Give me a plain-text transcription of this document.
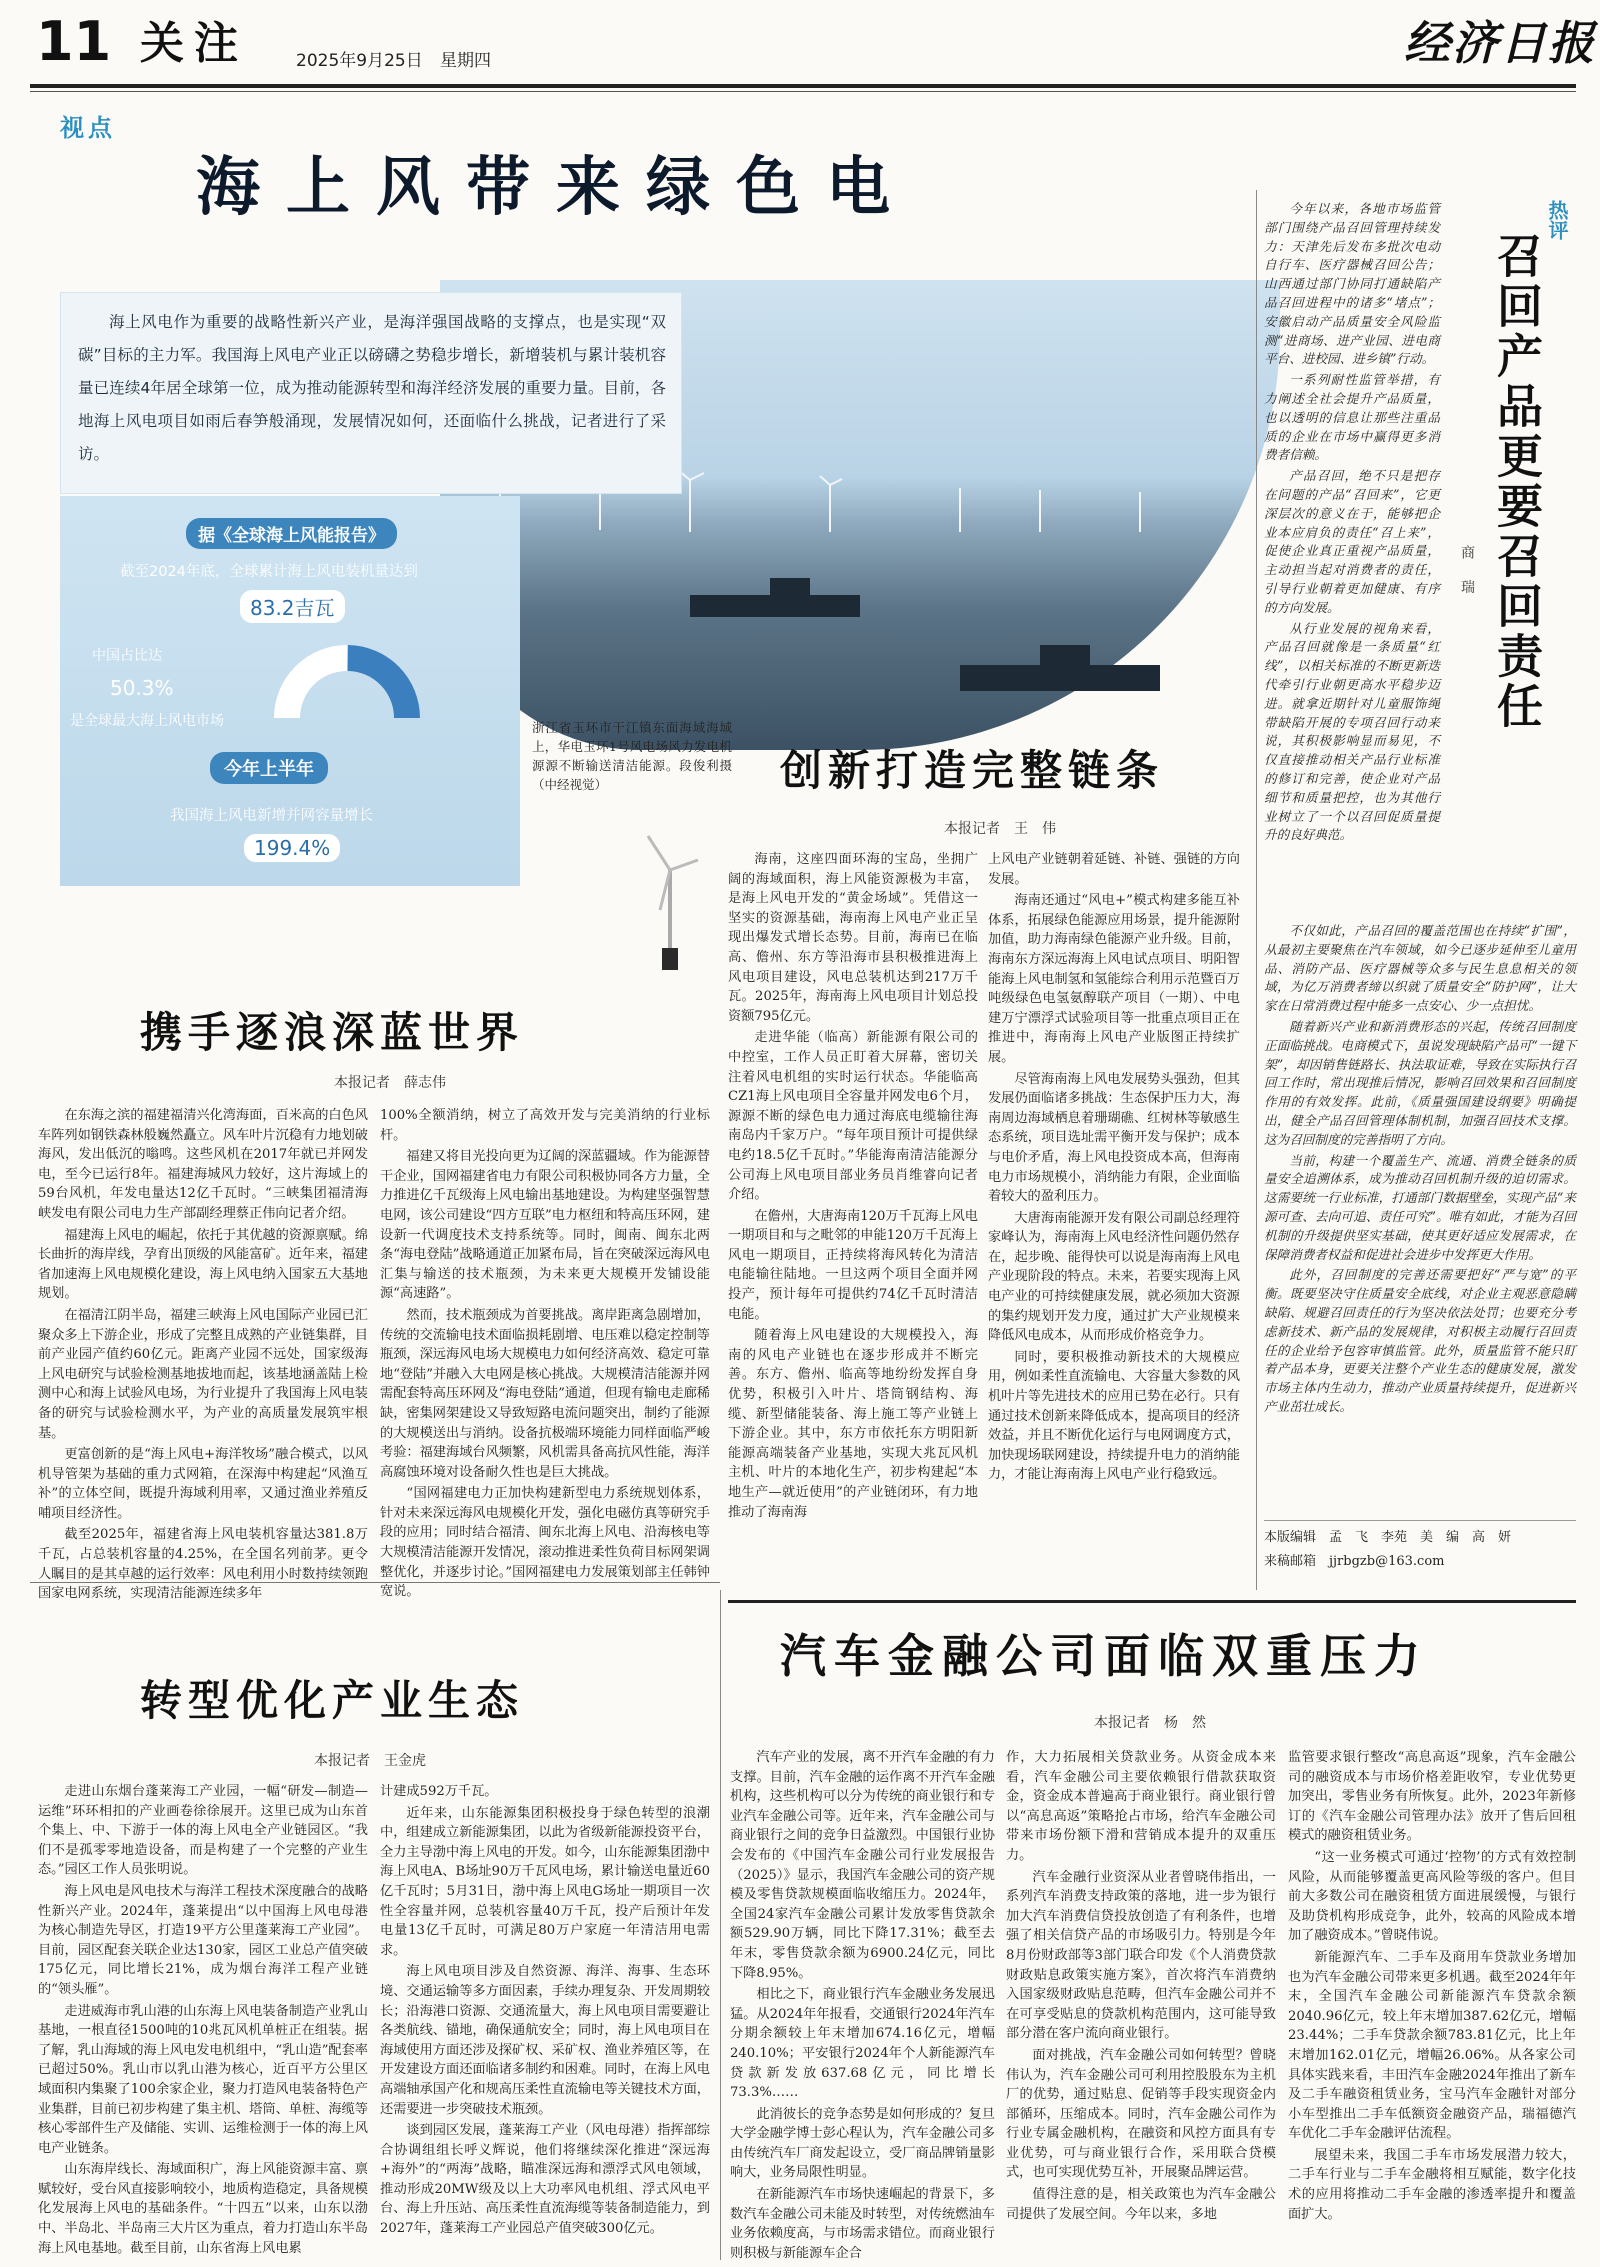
11 关注	2025年9月25日 星期四	经济日报
视点
海上风带来绿色电
海上风电作为重要的战略性新兴产业，是海洋强国战略的支撑点，也是实现“双碳”目标的主力军。我国海上风电产业正以磅礴之势稳步增长，新增装机与累计装机容量已连续4年居全球第一位，成为推动能源转型和海洋经济发展的重要力量。目前，各地海上风电项目如雨后春笋般涌现，发展情况如何，还面临什么挑战，记者进行了采访。
据《全球海上风能报告》
截至2024年底，全球累计海上风电装机量达到
83.2吉瓦
中国占比达
50.3%
是全球最大海上风电市场
今年上半年
我国海上风电新增并网容量增长
199.4%
浙江省玉环市干江镇东面海域海域上，华电玉环1号风电场风力发电机源源不断输送清洁能源。段俊利摄（中经视觉）
携手逐浪深蓝世界
本报记者　薛志伟

在东海之滨的福建福清兴化湾海面，百米高的白色风车阵列如钢铁森林般巍然矗立。风车叶片沉稳有力地划破海风，发出低沉的嗡鸣。这些风机在2017年就已并网发电，至今已运行8年。福建海城风力较好，这片海域上的59台风机，年发电量达12亿千瓦时。“三峡集团福清海峡发电有限公司电力生产部副经理蔡正伟向记者介绍。

福建海上风电的崛起，依托于其优越的资源禀赋。绵长曲折的海岸线，孕育出顶级的风能富矿。近年来，福建省加速海上风电规模化建设，海上风电纳入国家五大基地规划。

在福清江阴半岛，福建三峡海上风电国际产业园已汇聚众多上下游企业，形成了完整且成熟的产业链集群，目前产业园产值约60亿元。距离产业园不远处，国家级海上风电研究与试验检测基地拔地而起，该基地涵盖陆上检测中心和海上试验风电场，为行业提升了我国海上风电装备的研究与试验检测水平，为产业的高质量发展筑牢根基。

更富创新的是“海上风电+海洋牧场”融合模式，以风机导管架为基础的重力式网箱，在深海中构建起“风渔互补”的立体空间，既提升海域利用率，又通过渔业养殖反哺项目经济性。

截至2025年，福建省海上风电装机容量达381.8万千瓦，占总装机容量的4.25%，在全国名列前茅。更令人瞩目的是其卓越的运行效率：风电利用小时数持续领跑国家电网系统，实现清洁能源连续多年

100%全额消纳，树立了高效开发与完美消纳的行业标杆。

福建又将目光投向更为辽阔的深蓝疆域。作为能源替干企业，国网福建省电力有限公司积极协同各方力量，全力推进亿千瓦级海上风电输出基地建设。为构建坚强智慧电网，该公司建设“四方互联”电力枢纽和特高压环网，建设新一代调度技术支持系统等。同时，闽南、闽东北两条“海电登陆”战略通道正加紧布局，旨在突破深远海风电汇集与输送的技术瓶颈，为未来更大规模开发铺设能源“高速路”。

然而，技术瓶颈成为首要挑战。离岸距离急剧增加，传统的交流输电技术面临损耗剧增、电压难以稳定控制等瓶颈，深远海风电场大规模电力如何经济高效、稳定可靠地“登陆”并融入大电网是核心挑战。大规模清洁能源并网需配套特高压环网及“海电登陆”通道，但现有输电走廊稀缺，密集网架建设又导致短路电流问题突出，制约了能源的大规模送出与消纳。设备抗极端环境能力同样面临严峻考验：福建海域台风频繁，风机需具备高抗风性能，海洋高腐蚀环境对设备耐久性也是巨大挑战。

“国网福建电力正加快构建新型电力系统规划体系，针对未来深远海风电规模化开发，强化电磁仿真等研究手段的应用；同时结合福清、闽东北海上风电、沿海核电等大规模清洁能源开发情况，滚动推进柔性负荷目标网架调整优化，并逐步讨论。”国网福建电力发展策划部主任韩钟宽说。

创新打造完整链条
本报记者　王　伟

海南，这座四面环海的宝岛，坐拥广阔的海域面积，海上风能资源极为丰富，是海上风电开发的“黄金场域”。凭借这一坚实的资源基础，海南海上风电产业正呈现出爆发式增长态势。目前，海南已在临高、儋州、东方等沿海市县积极推进海上风电项目建设，风电总装机达到217万千瓦。2025年，海南海上风电项目计划总投资额795亿元。

走进华能（临高）新能源有限公司的中控室，工作人员正盯着大屏幕，密切关注着风电机组的实时运行状态。华能临高CZ1海上风电项目全容量并网发电6个月，源源不断的绿色电力通过海底电缆输往海南岛内千家万户。“每年项目预计可提供绿电约18.5亿千瓦时。”华能海南清洁能源分公司海上风电项目部业务员肖维睿向记者介绍。

在儋州，大唐海南120万千瓦海上风电一期项目和与之毗邻的申能120万千瓦海上风电一期项目，正持续将海风转化为清洁电能输往陆地。一旦这两个项目全面并网投产，预计每年可提供约74亿千瓦时清洁电能。

随着海上风电建设的大规模投入，海南的风电产业链也在逐步形成并不断完善。东方、儋州、临高等地纷纷发挥自身优势，积极引入叶片、塔筒钢结构、海缆、新型储能装备、海上施工等产业链上下游企业。其中，东方市依托东方明阳新能源高端装备产业基地，实现大兆瓦风机主机、叶片的本地化生产，初步构建起“本地生产—就近使用”的产业链闭环，有力地推动了海南海

上风电产业链朝着延链、补链、强链的方向发展。

海南还通过“风电+”模式构建多能互补体系，拓展绿色能源应用场景，提升能源附加值，助力海南绿色能源产业升级。目前，海南东方深远海海上风电试点项目、明阳智能海上风电制氢和氢能综合利用示范暨百万吨级绿色电氢氨醇联产项目（一期）、中电建万宁漂浮式试验项目等一批重点项目正在推进中，海南海上风电产业版图正持续扩展。

尽管海南海上风电发展势头强劲，但其发展仍面临诸多挑战：生态保护压力大，海南周边海域栖息着珊瑚礁、红树林等敏感生态系统，项目选址需平衡开发与保护；成本与电价矛盾，海上风电投资成本高，但海南电力市场规模小，消纳能力有限，企业面临着较大的盈利压力。

大唐海南能源开发有限公司副总经理符家峰认为，海南海上风电经济性问题仍然存在，起步晚、能得快可以说是海南海上风电产业现阶段的特点。未来，若要实现海上风电产业的可持续健康发展，就必须加大资源的集约规划开发力度，通过扩大产业规模来降低风电成本，从而形成价格竞争力。

同时，要积极推动新技术的大规模应用，例如柔性直流输电、大容量大参数的风机叶片等先进技术的应用已势在必行。只有通过技术创新来降低成本，提高项目的经济效益，并且不断优化运行与电网调度方式，加快现场联网建设，持续提升电力的消纳能力，才能让海南海上风电产业行稳致远。

热评
召回产品更要召回责任
商 瑞

今年以来，各地市场监管部门围绕产品召回管理持续发力：天津先后发布多批次电动自行车、医疗器械召回公告；山西通过部门协同打通缺陷产品召回进程中的诸多“堵点”；安徽启动产品质量安全风险监测“进商场、进产业园、进电商平台、进校园、进乡镇”行动。

一系列耐性监管举措，有力阐述全社会提升产品质量，也以透明的信息让那些注重品质的企业在市场中赢得更多消费者信赖。

产品召回，绝不只是把存在问题的产品“召回来”，它更深层次的意义在于，能够把企业本应肩负的责任“召上来”，促使企业真正重视产品质量，主动担当起对消费者的责任，引导行业朝着更加健康、有序的方向发展。

从行业发展的视角来看，产品召回就像是一条质量“红线”，以相关标准的不断更新迭代牵引行业朝更高水平稳步迈进。就拿近期针对儿童服饰绳带缺陷开展的专项召回行动来说，其积极影响显而易见，不仅直接推动相关产品行业标准的修订和完善，使企业对产品细节和质量把控，也为其他行业树立了一个以召回促质量提升的良好典范。

不仅如此，产品召回的覆盖范围也在持续“扩围”，从最初主要聚焦在汽车领域，如今已逐步延伸至儿童用品、消防产品、医疗器械等众多与民生息息相关的领域，为亿万消费者缔以织就了质量安全“防护网”，让大家在日常消费过程中能多一点安心、少一点担忧。

随着新兴产业和新消费形态的兴起，传统召回制度正面临挑战。电商模式下，虽说发现缺陷产品可“一键下架”，却因销售链路长、执法取证难，导致在实际执行召回工作时，常出现推后情况，影响召回效果和召回制度作用的有效发挥。此前，《质量强国建设纲要》明确提出，健全产品召回管理体制机制，加强召回技术支撑。这为召回制度的完善指明了方向。

当前，构建一个覆盖生产、流通、消费全链条的质量安全追溯体系，成为推动召回机制升级的迫切需求。这需要统一行业标准，打通部门数据壁垒，实现产品“来源可查、去向可追、责任可究”。唯有如此，才能为召回机制的升级提供坚实基础，使其更好适应发展需求，在保障消费者权益和促进社会进步中发挥更大作用。

此外，召回制度的完善还需要把好“严与宽”的平衡。既要坚决守住质量安全底线，对企业主观恶意隐瞒缺陷、规避召回责任的行为坚决依法处罚；也要充分考虑新技术、新产品的发展规律，对积极主动履行召回责任的企业给予包容审慎监管。此外，质量监管不能只盯着产品本身，更要关注整个产业生态的健康发展，激发市场主体内生动力，推动产业质量持续提升，促进新兴产业茁壮成长。

本版编辑　孟　飞　李苑　美　编　高　妍
来稿邮箱　jjrbgzb@163.com
转型优化产业生态
本报记者　王金虎

走进山东烟台蓬莱海工产业园，一幅“研发—制造—运维”环环相扣的产业画卷徐徐展开。这里已成为山东首个集上、中、下游于一体的海上风电全产业链园区。“我们不是孤零零地造设备，而是构建了一个完整的产业生态。”园区工作人员张明说。

海上风电是风电技术与海洋工程技术深度融合的战略性新兴产业。2024年，蓬莱提出“以中国海上风电母港为核心制造先导区，打造19平方公里蓬莱海工产业园”。目前，园区配套关联企业达130家，园区工业总产值突破175亿元，同比增长21%，成为烟台海洋工程产业链的“领头雁”。

走进威海市乳山港的山东海上风电装备制造产业乳山基地，一根直径1500吨的10兆瓦风机单桩正在组装。据了解，乳山海域的海上风电发电机组中，“乳山造”配套率已超过50%。乳山市以乳山港为核心，近百平方公里区域面积内集聚了100余家企业，聚力打造风电装备特色产业集群，目前已初步构建了集主机、塔筒、单桩、海缆等核心零部件生产及储能、实训、运维检测于一体的海上风电产业链条。

山东海岸线长、海域面积广，海上风能资源丰富、禀赋较好，受台风直接影响较小，地质构造稳定，具备规模化发展海上风电的基础条件。“十四五”以来，山东以渤中、半岛北、半岛南三大片区为重点，着力打造山东半岛海上风电基地。截至目前，山东省海上风电累

计建成592万千瓦。

近年来，山东能源集团积极投身于绿色转型的浪潮中，组建成立新能源集团，以此为省级新能源投资平台，全力主导渤中海上风电的开发。如今，山东能源集团渤中海上风电A、B场址90万千瓦风电场，累计输送电量近60亿千瓦时；5月31日，渤中海上风电G场址一期项目一次性全容量并网，总装机容量40万千瓦，投产后预计年发电量13亿千瓦时，可满足80万户家庭一年清洁用电需求。

海上风电项目涉及自然资源、海洋、海事、生态环境、交通运输等多方面因素，手续办理复杂、开发周期较长；沿海港口资源、交通流量大，海上风电项目需要避让各类航线、锚地，确保通航安全；同时，海上风电项目在海域使用方面还涉及探矿权、采矿权、渔业养殖区等，在开发建设方面还面临诸多制约和困难。同时，在海上风电高端轴承国产化和规高压柔性直流输电等关键技术方面，还需要进一步突破技术瓶颈。

谈到园区发展，蓬莱海工产业（风电母港）指挥部综合协调组组长呼义辉说，他们将继续深化推进“深远海+海外”的“两海”战略，瞄准深远海和漂浮式风电领域，推动形成20MW级及以上大功率风电机组、浮式风电平台、海上升压站、高压柔性直流海缆等装备制造能力，到2027年，蓬莱海工产业园总产值突破300亿元。

汽车金融公司面临双重压力
本报记者　杨　然

汽车产业的发展，离不开汽车金融的有力支撑。目前，汽车金融的运作离不开汽车金融机构，这些机构可以分为传统的商业银行和专业汽车金融公司等。近年来，汽车金融公司与商业银行之间的竞争日益激烈。中国银行业协会发布的《中国汽车金融公司行业发展报告（2025）》显示，我国汽车金融公司的资产规模及零售贷款规模面临收缩压力。2024年，全国24家汽车金融公司累计发放零售贷款余额529.90万辆，同比下降17.31%；截至去年末，零售贷款余额为6900.24亿元，同比下降8.95%。

相比之下，商业银行汽车金融业务发展迅猛。从2024年年报看，交通银行2024年汽车分期余额较上年末增加674.16亿元，增幅240.10%；平安银行2024年个人新能源汽车贷款新发放637.68亿元，同比增长73.3%……

此消彼长的竞争态势是如何形成的？复旦大学金融学博士彭心程认为，汽车金融公司多由传统汽车厂商发起设立，受厂商品牌销量影响大，业务局限性明显。

在新能源汽车市场快速崛起的背景下，多数汽车金融公司未能及时转型，对传统燃油车业务依赖度高，与市场需求错位。而商业银行则积极与新能源车企合

作，大力拓展相关贷款业务。从资金成本来看，汽车金融公司主要依赖银行借款获取资金，资金成本普遍高于商业银行。商业银行曾以“高息高返”策略抢占市场，给汽车金融公司带来市场份额下滑和营销成本提升的双重压力。

汽车金融行业资深从业者曾晓伟指出，一系列汽车消费支持政策的落地，进一步为银行加大汽车消费信贷投放创造了有利条件，也增强了相关信贷产品的市场吸引力。特别是今年8月份财政部等3部门联合印发《个人消费贷款财政贴息政策实施方案》，首次将汽车消费纳入国家级财政贴息范畴，但汽车金融公司并不在可享受贴息的贷款机构范围内，这可能导致部分潜在客户流向商业银行。

面对挑战，汽车金融公司如何转型？曾晓伟认为，汽车金融公司可利用控股股东为主机厂的优势，通过贴息、促销等手段实现资金内部循环，压缩成本。同时，汽车金融公司作为行业专属金融机构，在融资和风控方面具有专业优势，可与商业银行合作，采用联合贷模式，也可实现优势互补，开展聚品牌运营。

值得注意的是，相关政策也为汽车金融公司提供了发展空间。今年以来，多地

监管要求银行整改“高息高返”现象，汽车金融公司的融资成本与市场价格差距收窄，专业优势更加突出，零售业务有所恢复。此外，2023年新修订的《汽车金融公司管理办法》放开了售后回租模式的融资租赁业务。

“这一业务模式可通过‘控物’的方式有效控制风险，从而能够覆盖更高风险等级的客户。但目前大多数公司在融资租赁方面进展缓慢，与银行及助贷机构形成竞争，此外，较高的风险成本增加了融资成本。”曾晓伟说。

新能源汽车、二手车及商用车贷款业务增加也为汽车金融公司带来更多机遇。截至2024年年末，全国汽车金融公司新能源汽车贷款余额2040.96亿元，较上年末增加387.62亿元，增幅23.44%；二手车贷款余额783.81亿元，比上年末增加162.01亿元，增幅26.06%。从各家公司具体实践来看，丰田汽车金融2024年推出了新车及二手车融资租赁业务，宝马汽车金融针对部分小车型推出二手车低额资金融资产品，瑞福德汽车优化二手车金融评估流程。

展望未来，我国二手车市场发展潜力较大，二手车行业与二手车金融将相互赋能，数字化技术的应用将推动二手车金融的渗透率提升和覆盖面扩大。
